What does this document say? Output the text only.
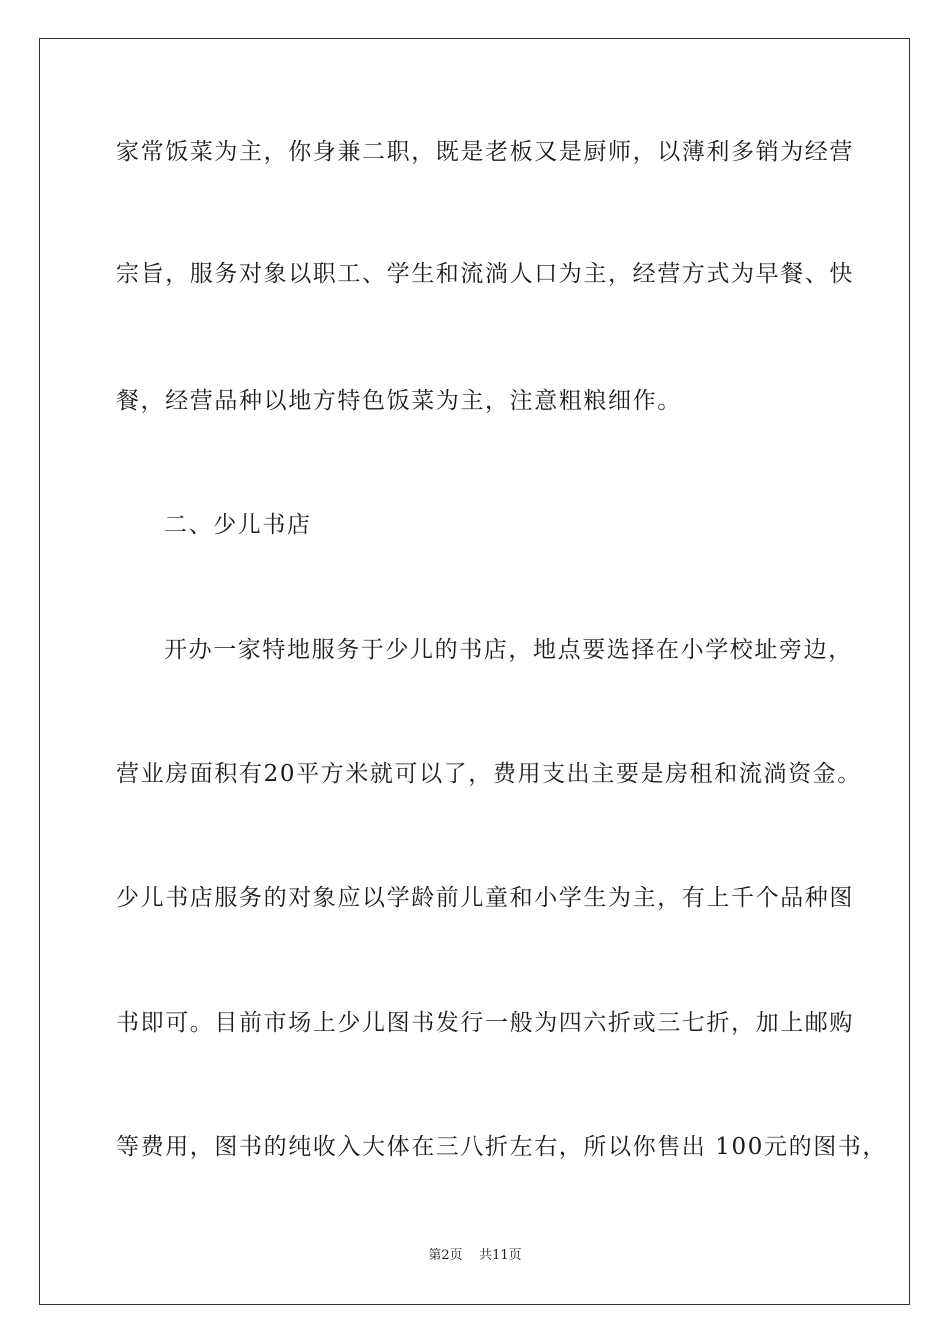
家常饭菜为主，你身兼二职，既是老板又是厨师，以薄利多销为经营
宗旨，服务对象以职工、学生和流淌人口为主，经营方式为早餐、快
餐，经营品种以地方特色饭菜为主，注意粗粮细作。
二、少儿书店
开办一家特地服务于少儿的书店，地点要选择在小学校址旁边，
营业房面积有20平方米就可以了，费用支出主要是房租和流淌资金。
少儿书店服务的对象应以学龄前儿童和小学生为主，有上千个品种图
书即可。目前市场上少儿图书发行一般为四六折或三七折，加上邮购
等费用，图书的纯收入大体在三八折左右，所以你售出 100元的图书，
第2页 共11页
